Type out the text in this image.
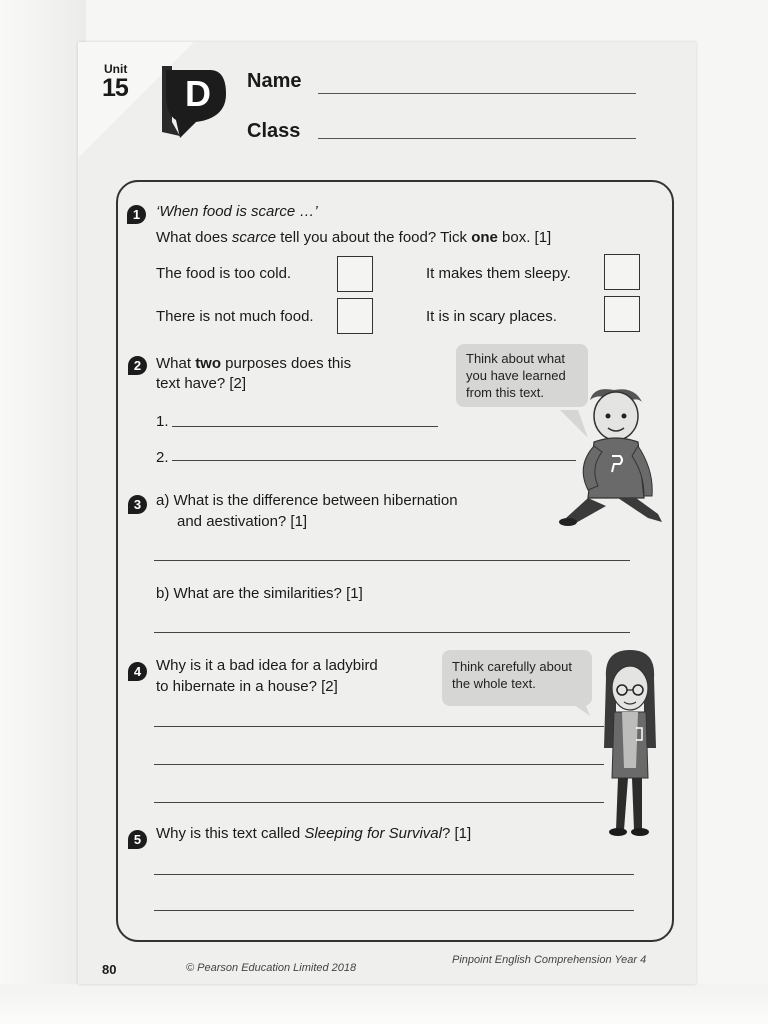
Unit
15 D Name
Class
1	‘When food is scarce …’
What does scarce tell you about the food? Tick one box. [1]
The food is too cold.	It makes them sleepy.
There is not much food.	It is in scary places.
2 What two purposes does this
text have? [2]
Think about what you have learned from this text.
1.
2.
3 a) What is the difference between hibernation
and aestivation? [1]
b) What are the similarities? [1]
4 Why is it a bad idea for a ladybird
to hibernate in a house? [2]
Think carefully about the whole text.
5 Why is this text called Sleeping for Survival? [1]
80	© Pearson Education Limited 2018
Pinpoint English Comprehension Year 4
